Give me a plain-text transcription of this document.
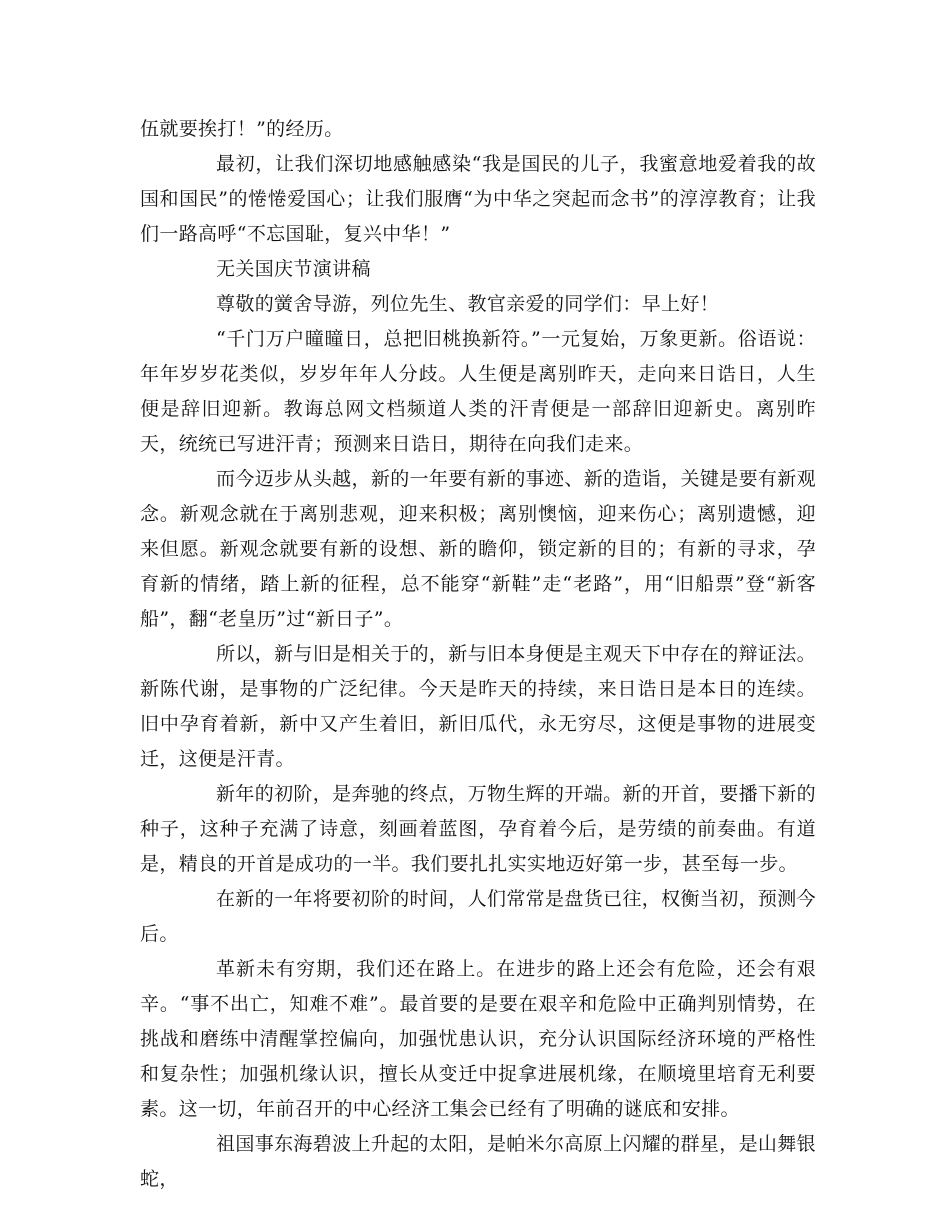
伍就要挨打！”的经历。

最初，让我们深切地感触感染“我是国民的儿子，我蜜意地爱着我的故国和国民”的惓惓爱国心；让我们服膺“为中华之突起而念书”的淳淳教育；让我们一路高呼“不忘国耻，复兴中华！”

无关国庆节演讲稿

尊敬的黉舍导游，列位先生、教官亲爱的同学们：早上好！

“千门万户曈曈日，总把旧桃换新符。”一元复始，万象更新。俗语说：年年岁岁花类似，岁岁年年人分歧。人生便是离别昨天，走向来日诰日，人生便是辞旧迎新。教诲总网文档频道人类的汗青便是一部辞旧迎新史。离别昨天，统统已写进汗青；预测来日诰日，期待在向我们走来。

而今迈步从头越，新的一年要有新的事迹、新的造诣，关键是要有新观念。新观念就在于离别悲观，迎来积极；离别懊恼，迎来伤心；离别遗憾，迎来但愿。新观念就要有新的设想、新的瞻仰，锁定新的目的；有新的寻求，孕育新的情绪，踏上新的征程，总不能穿“新鞋”走“老路”，用“旧船票”登“新客船”，翻“老皇历”过“新日子”。

所以，新与旧是相关于的，新与旧本身便是主观天下中存在的辩证法。新陈代谢，是事物的广泛纪律。今天是昨天的持续，来日诰日是本日的连续。旧中孕育着新，新中又产生着旧，新旧瓜代，永无穷尽，这便是事物的进展变迁，这便是汗青。

新年的初阶，是奔驰的终点，万物生辉的开端。新的开首，要播下新的种子，这种子充满了诗意，刻画着蓝图，孕育着今后，是劳绩的前奏曲。有道是，精良的开首是成功的一半。我们要扎扎实实地迈好第一步，甚至每一步。

在新的一年将要初阶的时间，人们常常是盘货已往，权衡当初，预测今后。

革新未有穷期，我们还在路上。在进步的路上还会有危险，还会有艰辛。“事不出亡，知难不难”。最首要的是要在艰辛和危险中正确判别情势，在挑战和磨练中清醒掌控偏向，加强忧患认识，充分认识国际经济环境的严格性和复杂性；加强机缘认识，擅长从变迁中捉拿进展机缘，在顺境里培育无利要素。这一切，年前召开的中心经济工集会已经有了明确的谜底和安排。

祖国事东海碧波上升起的太阳，是帕米尔高原上闪耀的群星，是山舞银蛇，
